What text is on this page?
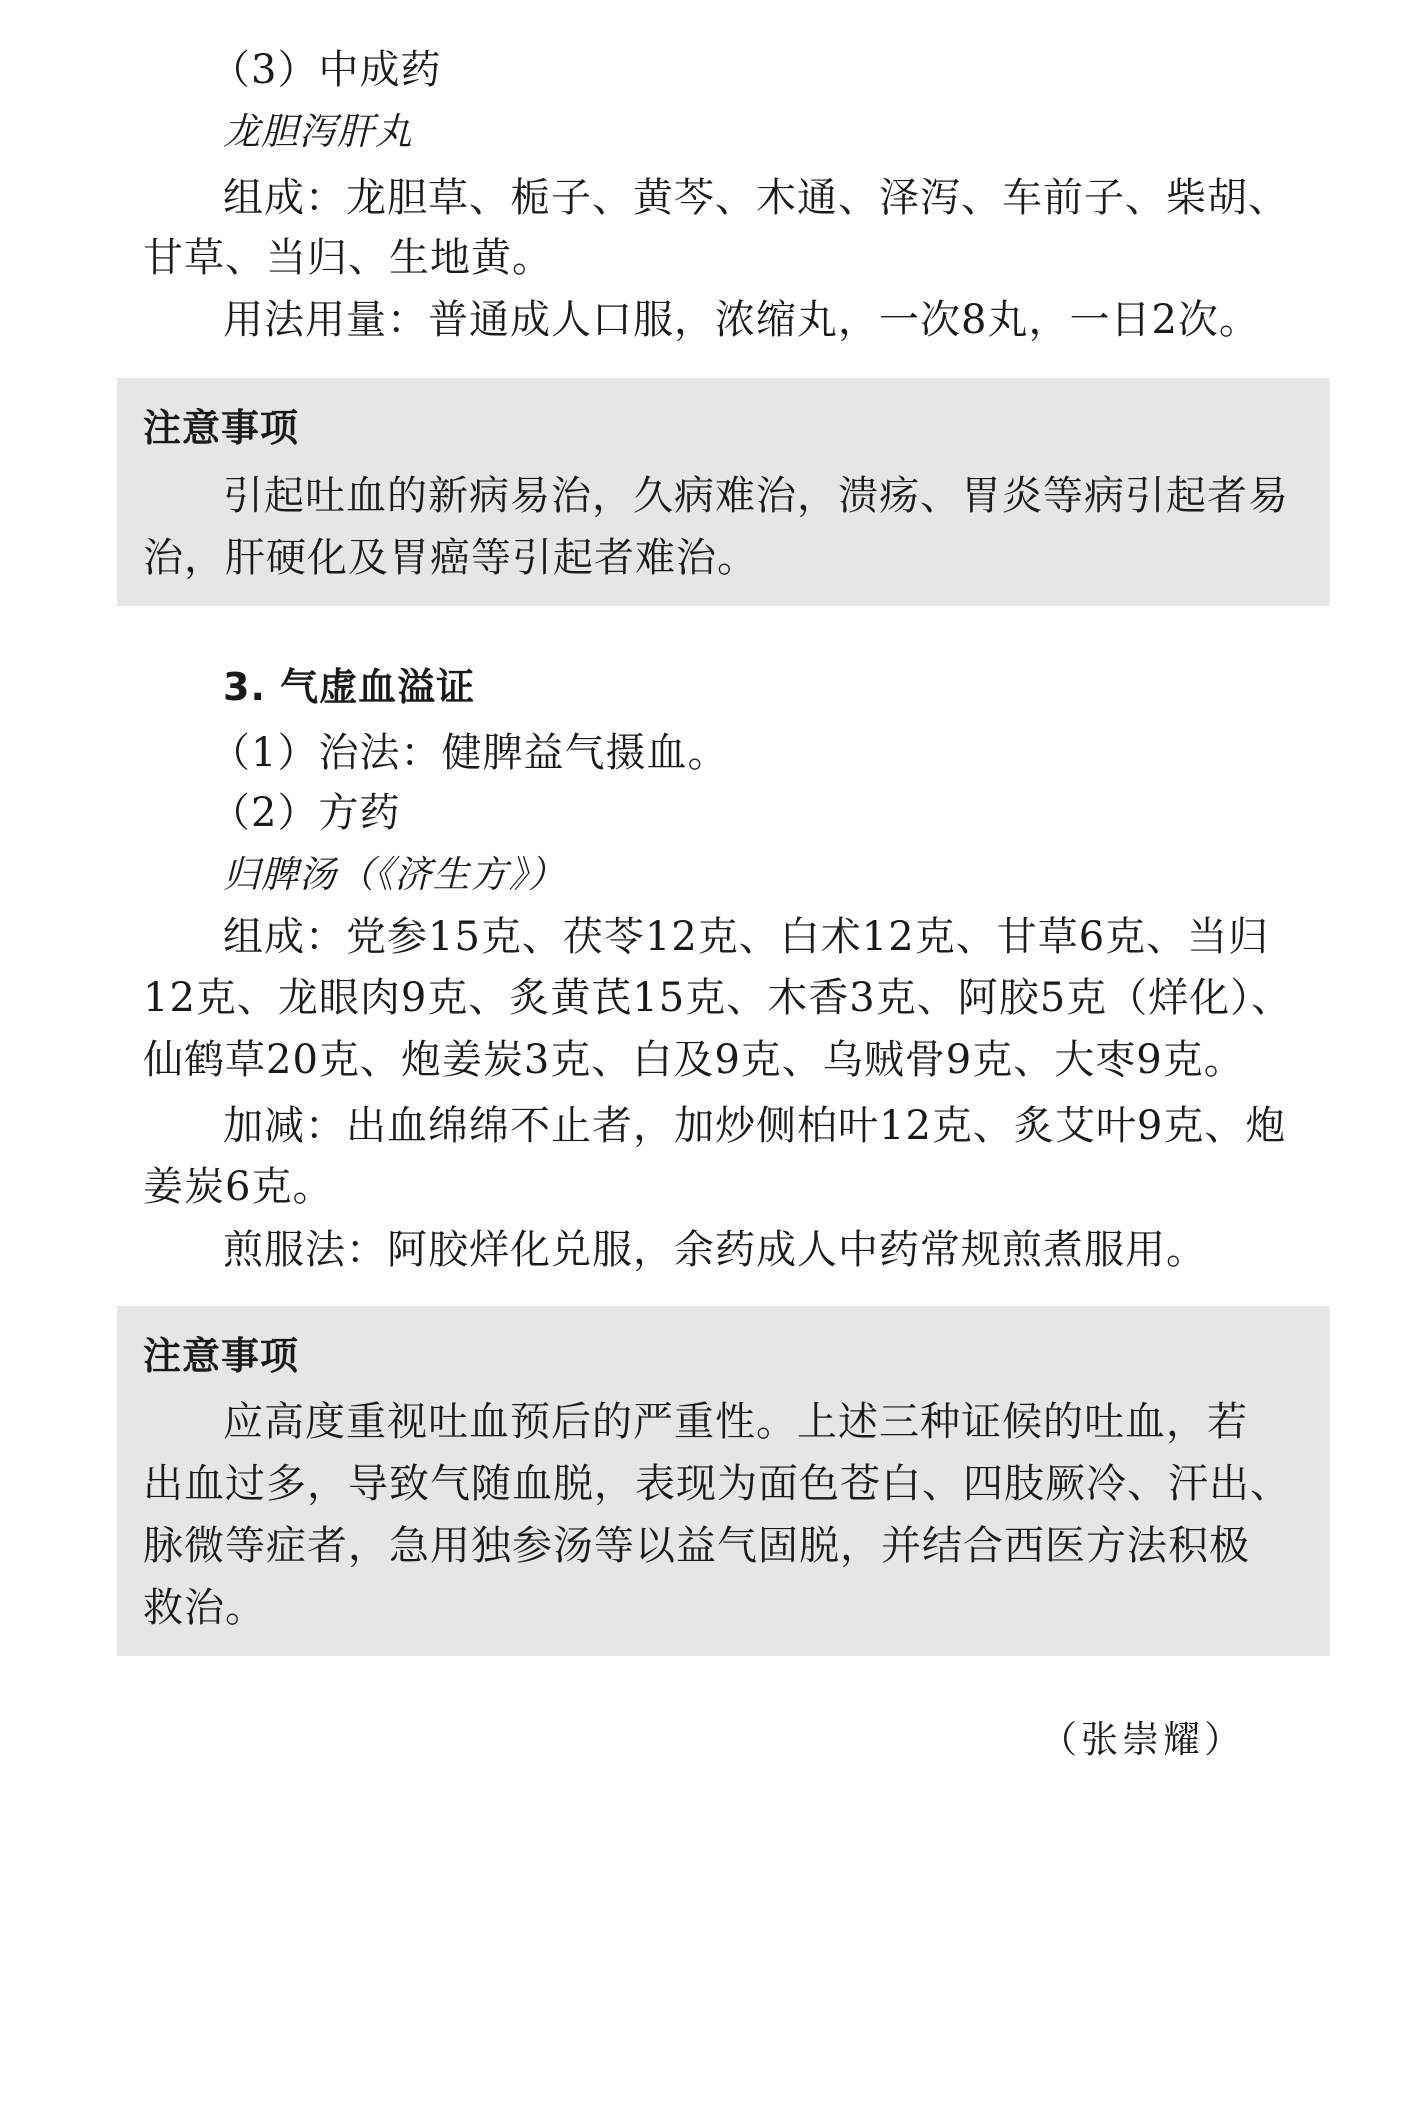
（3）中成药
龙胆泻肝丸
组成：龙胆草、栀子、黄芩、木通、泽泻、车前子、柴胡、
甘草、当归、生地黄。
用法用量：普通成人口服，浓缩丸，一次8丸，一日2次。
注意事项
引起吐血的新病易治，久病难治，溃疡、胃炎等病引起者易
治，肝硬化及胃癌等引起者难治。
3. 气虚血溢证
（1）治法：健脾益气摄血。
（2）方药
归脾汤（《济生方》）
组成：党参15克、茯苓12克、白术12克、甘草6克、当归
12克、龙眼肉9克、炙黄芪15克、木香3克、阿胶5克（烊化）、
仙鹤草20克、炮姜炭3克、白及9克、乌贼骨9克、大枣9克。
加减：出血绵绵不止者，加炒侧柏叶12克、炙艾叶9克、炮
姜炭6克。
煎服法：阿胶烊化兑服，余药成人中药常规煎煮服用。
注意事项
应高度重视吐血预后的严重性。上述三种证候的吐血，若
出血过多，导致气随血脱，表现为面色苍白、四肢厥冷、汗出、
脉微等症者，急用独参汤等以益气固脱，并结合西医方法积极
救治。
（张崇耀）
